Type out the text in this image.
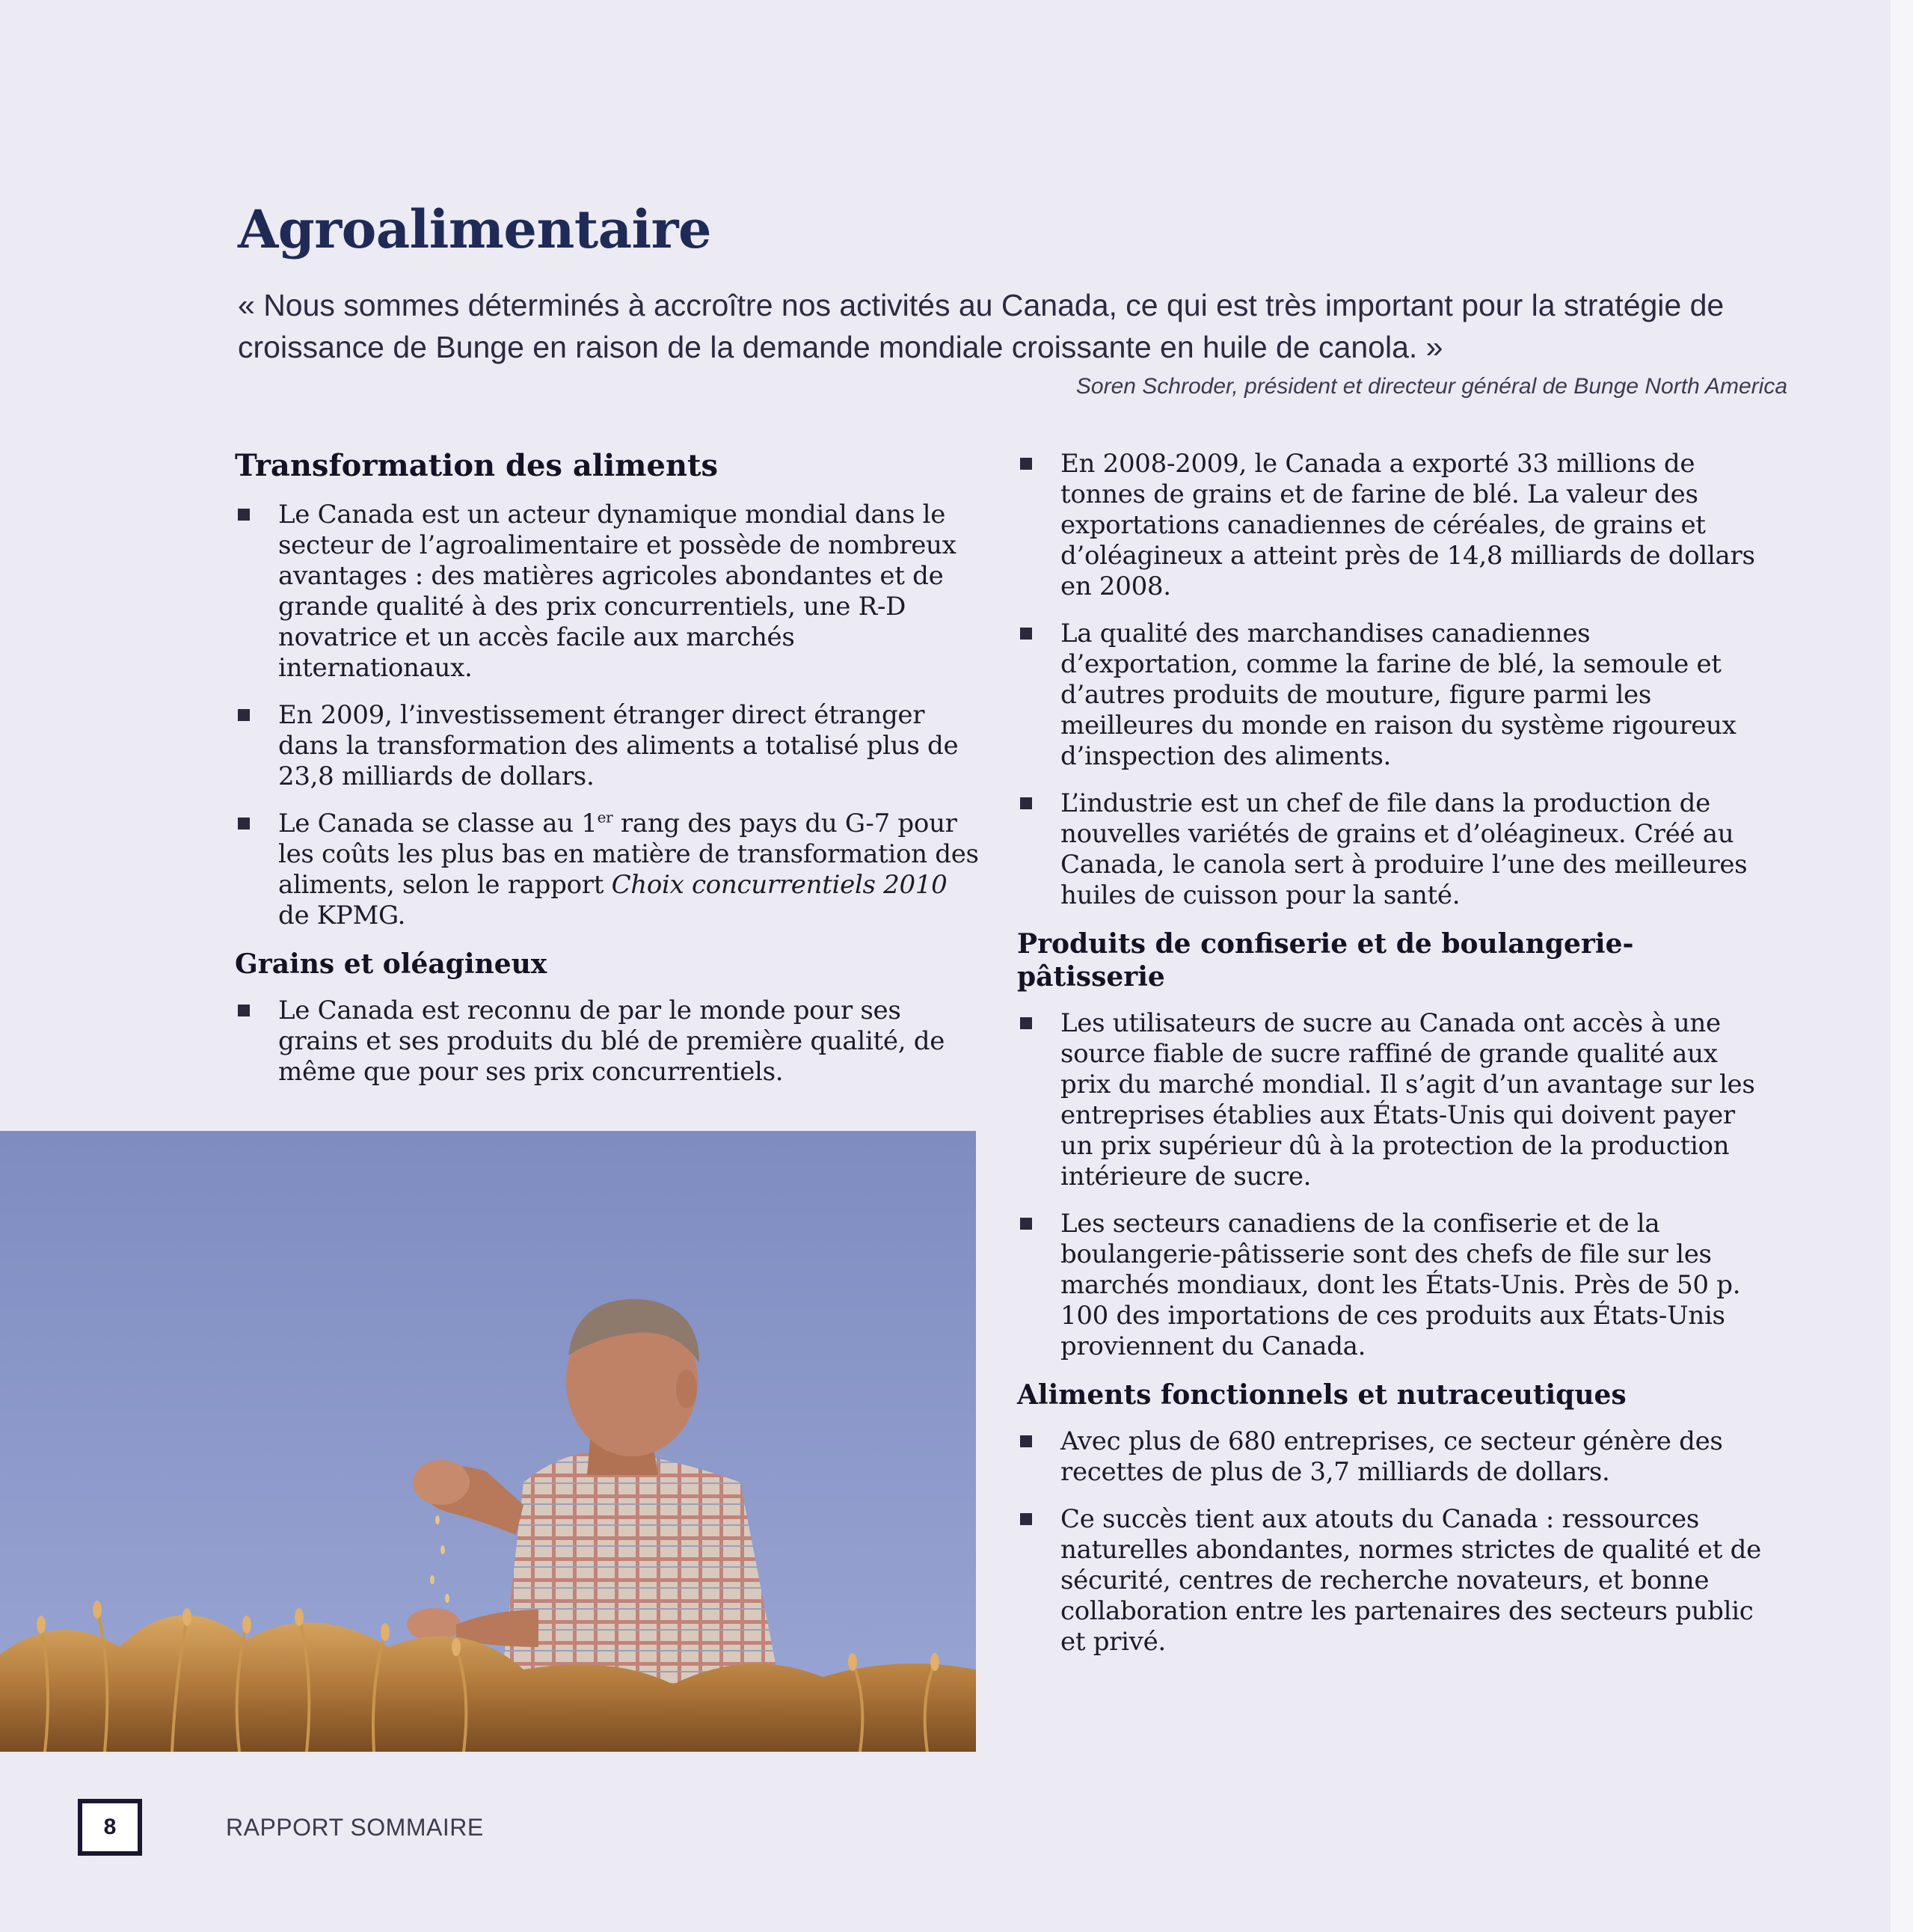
Agroalimentaire

« Nous sommes déterminés à accroître nos activités au Canada, ce qui est très important pour la stratégie de croissance de Bunge en raison de la demande mondiale croissante en huile de canola. »

Soren Schroder, président et directeur général de Bunge North America

Transformation des aliments
Le Canada est un acteur dynamique mondial dans le secteur de l’agroalimentaire et possède de nombreux avantages : des matières agricoles abondantes et de grande qualité à des prix concurrentiels, une R-D novatrice et un accès facile aux marchés internationaux.
En 2009, l’investissement étranger direct étranger dans la transformation des aliments a totalisé plus de 23,8 milliards de dollars.
Le Canada se classe au 1er rang des pays du G-7 pour les coûts les plus bas en matière de transformation des aliments, selon le rapport Choix concurrentiels 2010 de KPMG.
Grains et oléagineux
Le Canada est reconnu de par le monde pour ses grains et ses produits du blé de première qualité, de même que pour ses prix concurrentiels.
En 2008-2009, le Canada a exporté 33 millions de tonnes de grains et de farine de blé. La valeur des exportations canadiennes de céréales, de grains et d’oléagineux a atteint près de 14,8 milliards de dollars en 2008.
La qualité des marchandises canadiennes d’exportation, comme la farine de blé, la semoule et d’autres produits de mouture, figure parmi les meilleures du monde en raison du système rigoureux d’inspection des aliments.
L’industrie est un chef de file dans la production de nouvelles variétés de grains et d’oléagineux. Créé au Canada, le canola sert à produire l’une des meilleures huiles de cuisson pour la santé.
Produits de confiserie et de boulangerie-pâtisserie
Les utilisateurs de sucre au Canada ont accès à une source fiable de sucre raffiné de grande qualité aux prix du marché mondial. Il s’agit d’un avantage sur les entreprises établies aux États-Unis qui doivent payer un prix supérieur dû à la protection de la production intérieure de sucre.
Les secteurs canadiens de la confiserie et de la boulangerie-pâtisserie sont des chefs de file sur les marchés mondiaux, dont les États-Unis. Près de 50 p. 100 des importations de ces produits aux États-Unis proviennent du Canada.
Aliments fonctionnels et nutraceutiques
Avec plus de 680 entreprises, ce secteur génère des recettes de plus de 3,7 milliards de dollars.
Ce succès tient aux atouts du Canada : ressources naturelles abondantes, normes strictes de qualité et de sécurité, centres de recherche novateurs, et bonne collaboration entre les partenaires des secteurs public et privé.
8	RAPPORT SOMMAIRE
